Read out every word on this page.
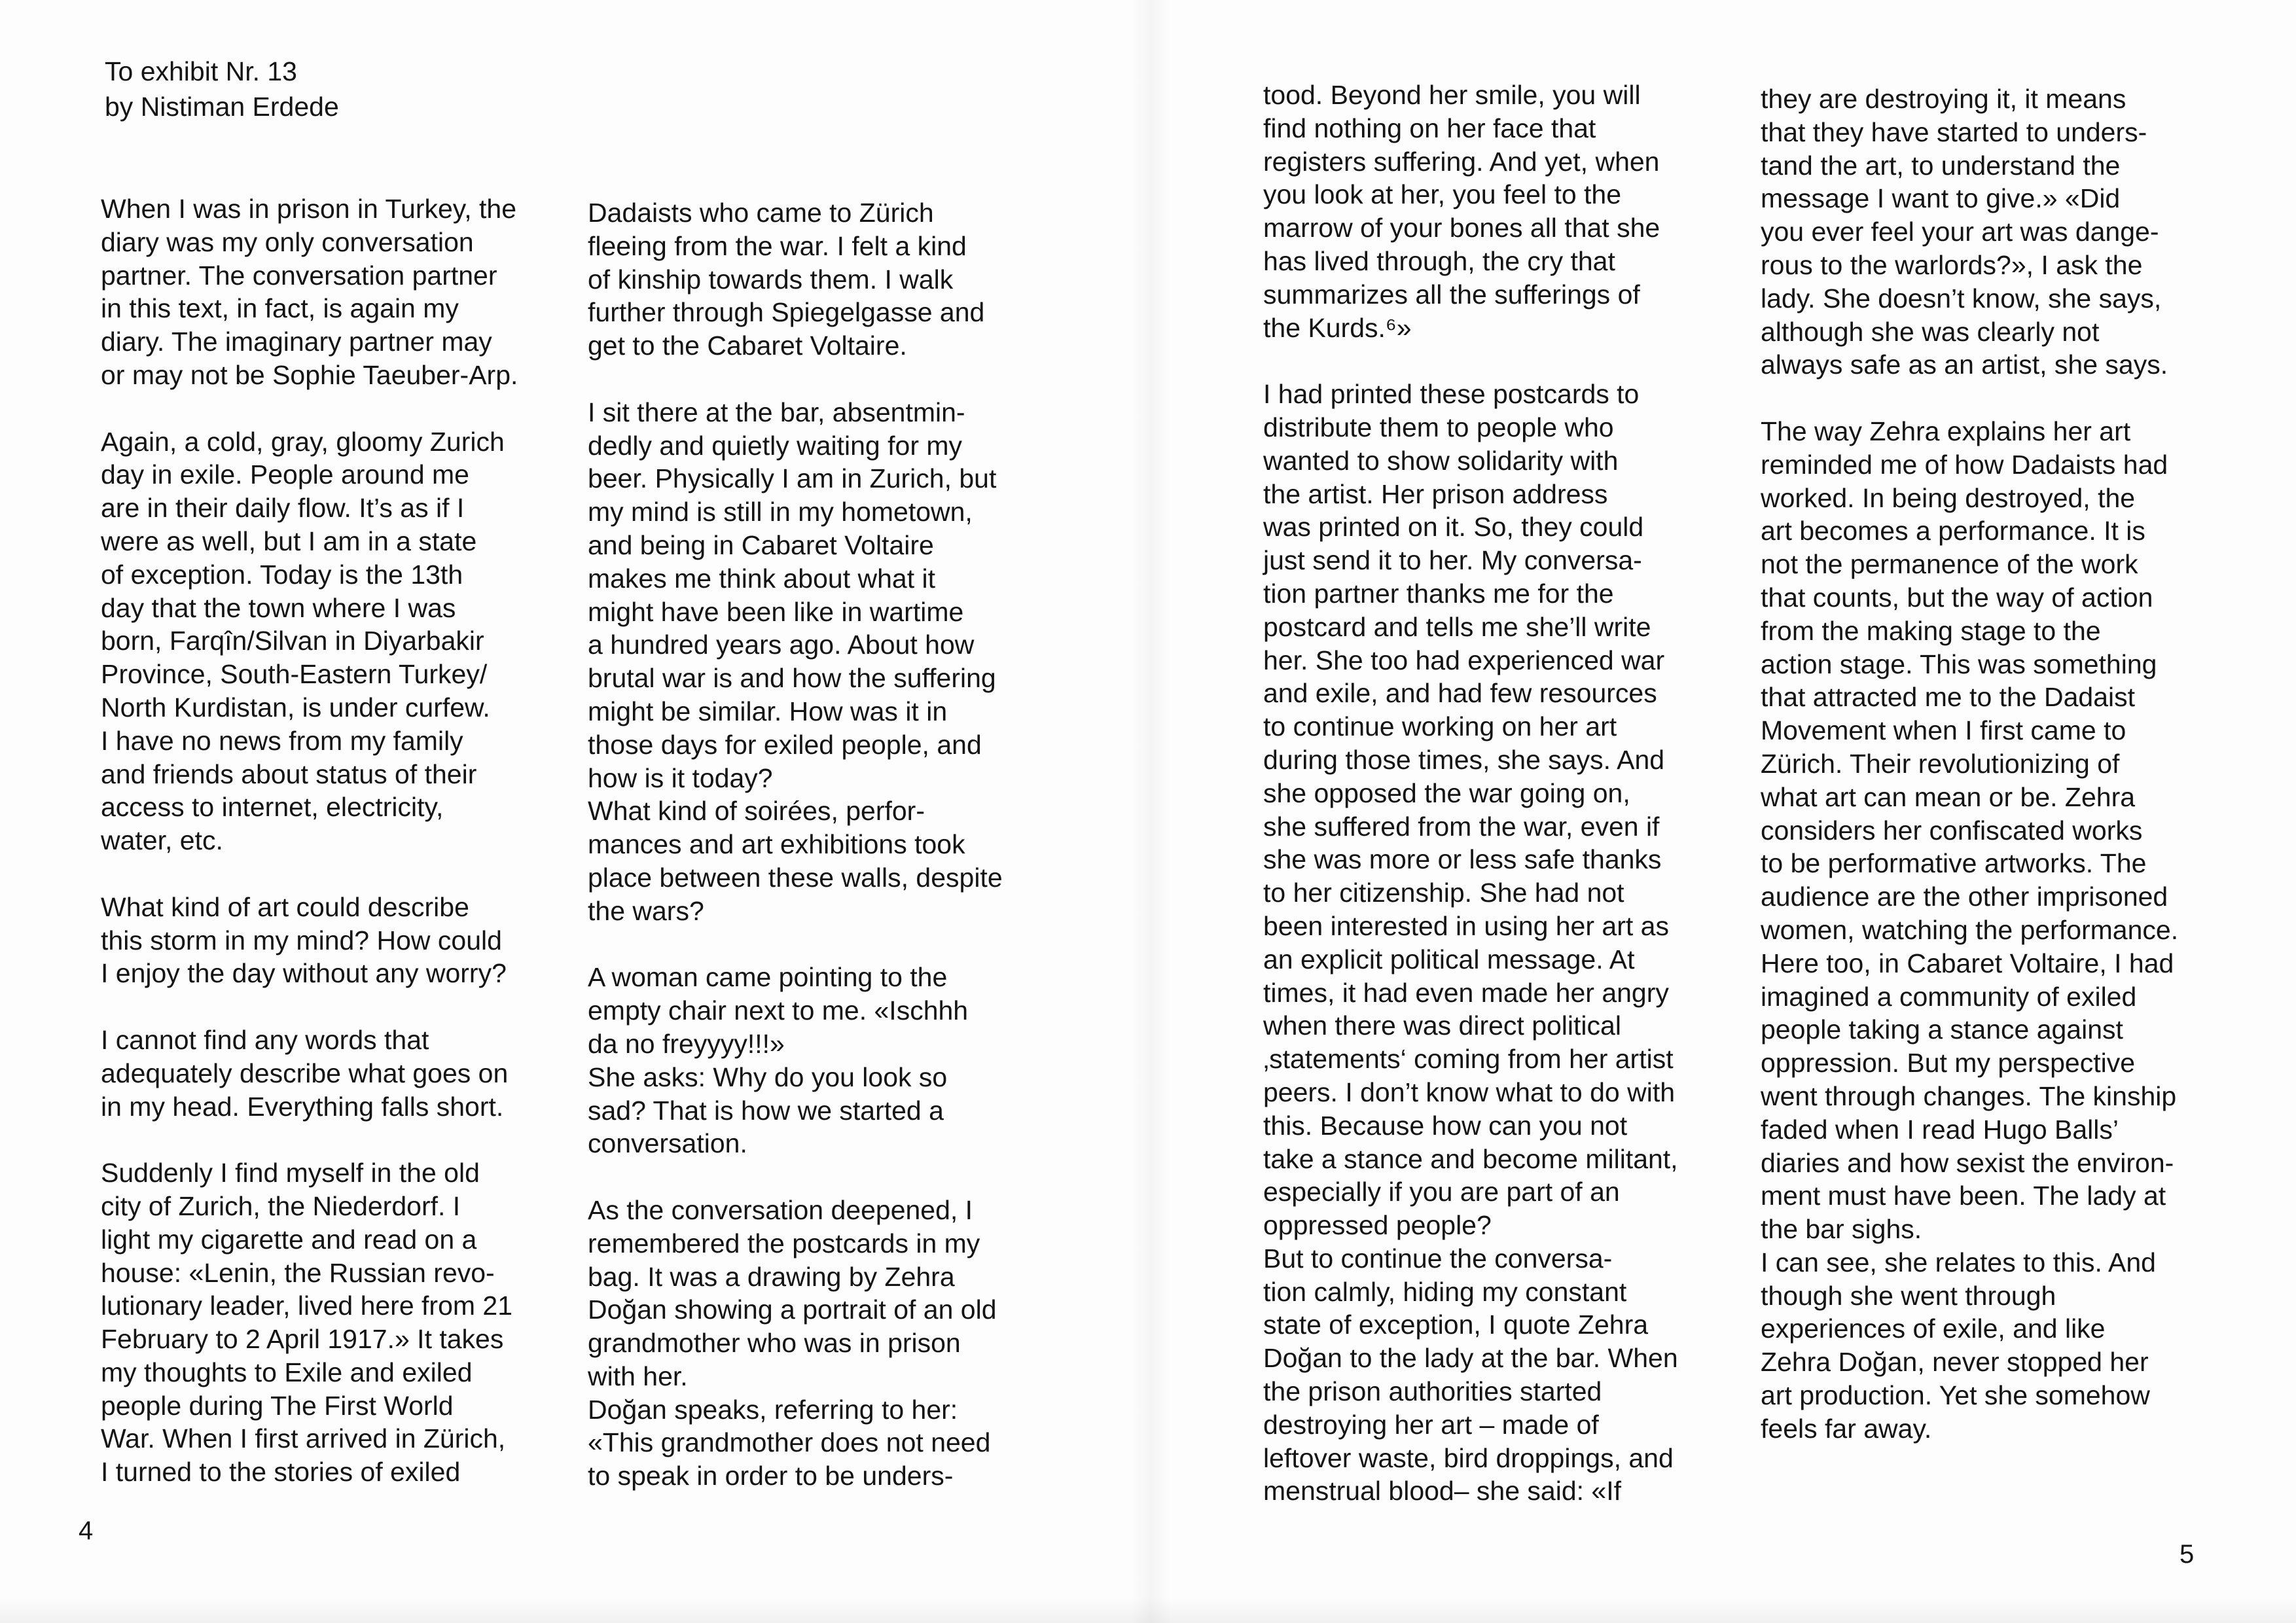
To exhibit Nr. 13
by Nistiman Erdede

When I was in prison in Turkey, the
diary was my only conversation
partner. The conversation partner
in this text, in fact, is again my
diary. The imaginary partner may
or may not be Sophie Taeuber-Arp.

Again, a cold, gray, gloomy Zurich
day in exile. People around me
are in their daily flow. It’s as if I
were as well, but I am in a state
of exception. Today is the 13th
day that the town where I was
born, Farqîn/Silvan in Diyarbakir
Province, South-Eastern Turkey/
North Kurdistan, is under curfew.
I have no news from my family
and friends about status of their
access to internet, electricity,
water, etc.

What kind of art could describe
this storm in my mind? How could
I enjoy the day without any worry?

I cannot find any words that
adequately describe what goes on
in my head. Everything falls short.

Suddenly I find myself in the old
city of Zurich, the Niederdorf. I
light my cigarette and read on a
house: «Lenin, the Russian revo-
lutionary leader, lived here from 21
February to 2 April 1917.» It takes
my thoughts to Exile and exiled
people during The First World
War. When I first arrived in Zürich,
I turned to the stories of exiled

Dadaists who came to Zürich
fleeing from the war. I felt a kind
of kinship towards them. I walk
further through Spiegelgasse and
get to the Cabaret Voltaire.

I sit there at the bar, absentmin-
dedly and quietly waiting for my
beer. Physically I am in Zurich, but
my mind is still in my hometown,
and being in Cabaret Voltaire
makes me think about what it
might have been like in wartime
a hundred years ago. About how
brutal war is and how the suffering
might be similar. How was it in
those days for exiled people, and
how is it today?
What kind of soirées, perfor-
mances and art exhibitions took
place between these walls, despite
the wars?

A woman came pointing to the
empty chair next to me. «Ischhh
da no freyyyy!!!»
She asks: Why do you look so
sad? That is how we started a
conversation.

As the conversation deepened, I
remembered the postcards in my
bag. It was a drawing by Zehra
Doğan showing a portrait of an old
grandmother who was in prison
with her.
Doğan speaks, referring to her:
«This grandmother does not need
to speak in order to be unders-

tood. Beyond her smile, you will
find nothing on her face that
registers suffering. And yet, when
you look at her, you feel to the
marrow of your bones all that she
has lived through, the cry that
summarizes all the sufferings of
the Kurds.⁶»

I had printed these postcards to
distribute them to people who
wanted to show solidarity with
the artist. Her prison address
was printed on it. So, they could
just send it to her. My conversa-
tion partner thanks me for the
postcard and tells me she’ll write
her. She too had experienced war
and exile, and had few resources
to continue working on her art
during those times, she says. And
she opposed the war going on,
she suffered from the war, even if
she was more or less safe thanks
to her citizenship. She had not
been interested in using her art as
an explicit political message. At
times, it had even made her angry
when there was direct political
‚statements‘ coming from her artist
peers. I don’t know what to do with
this. Because how can you not
take a stance and become militant,
especially if you are part of an
oppressed people?
But to continue the conversa-
tion calmly, hiding my constant
state of exception, I quote Zehra
Doğan to the lady at the bar. When
the prison authorities started
destroying her art – made of
leftover waste, bird droppings, and
menstrual blood– she said: «If

they are destroying it, it means
that they have started to unders-
tand the art, to understand the
message I want to give.» «Did
you ever feel your art was dange-
rous to the warlords?», I ask the
lady. She doesn’t know, she says,
although she was clearly not
always safe as an artist, she says.

The way Zehra explains her art
reminded me of how Dadaists had
worked. In being destroyed, the
art becomes a performance. It is
not the permanence of the work
that counts, but the way of action
from the making stage to the
action stage. This was something
that attracted me to the Dadaist
Movement when I first came to
Zürich. Their revolutionizing of
what art can mean or be. Zehra
considers her confiscated works
to be performative artworks. The
audience are the other imprisoned
women, watching the performance.
Here too, in Cabaret Voltaire, I had
imagined a community of exiled
people taking a stance against
oppression. But my perspective
went through changes. The kinship
faded when I read Hugo Balls’
diaries and how sexist the environ-
ment must have been. The lady at
the bar sighs.
I can see, she relates to this. And
though she went through
experiences of exile, and like
Zehra Doğan, never stopped her
art production. Yet she somehow
feels far away.

4
5
